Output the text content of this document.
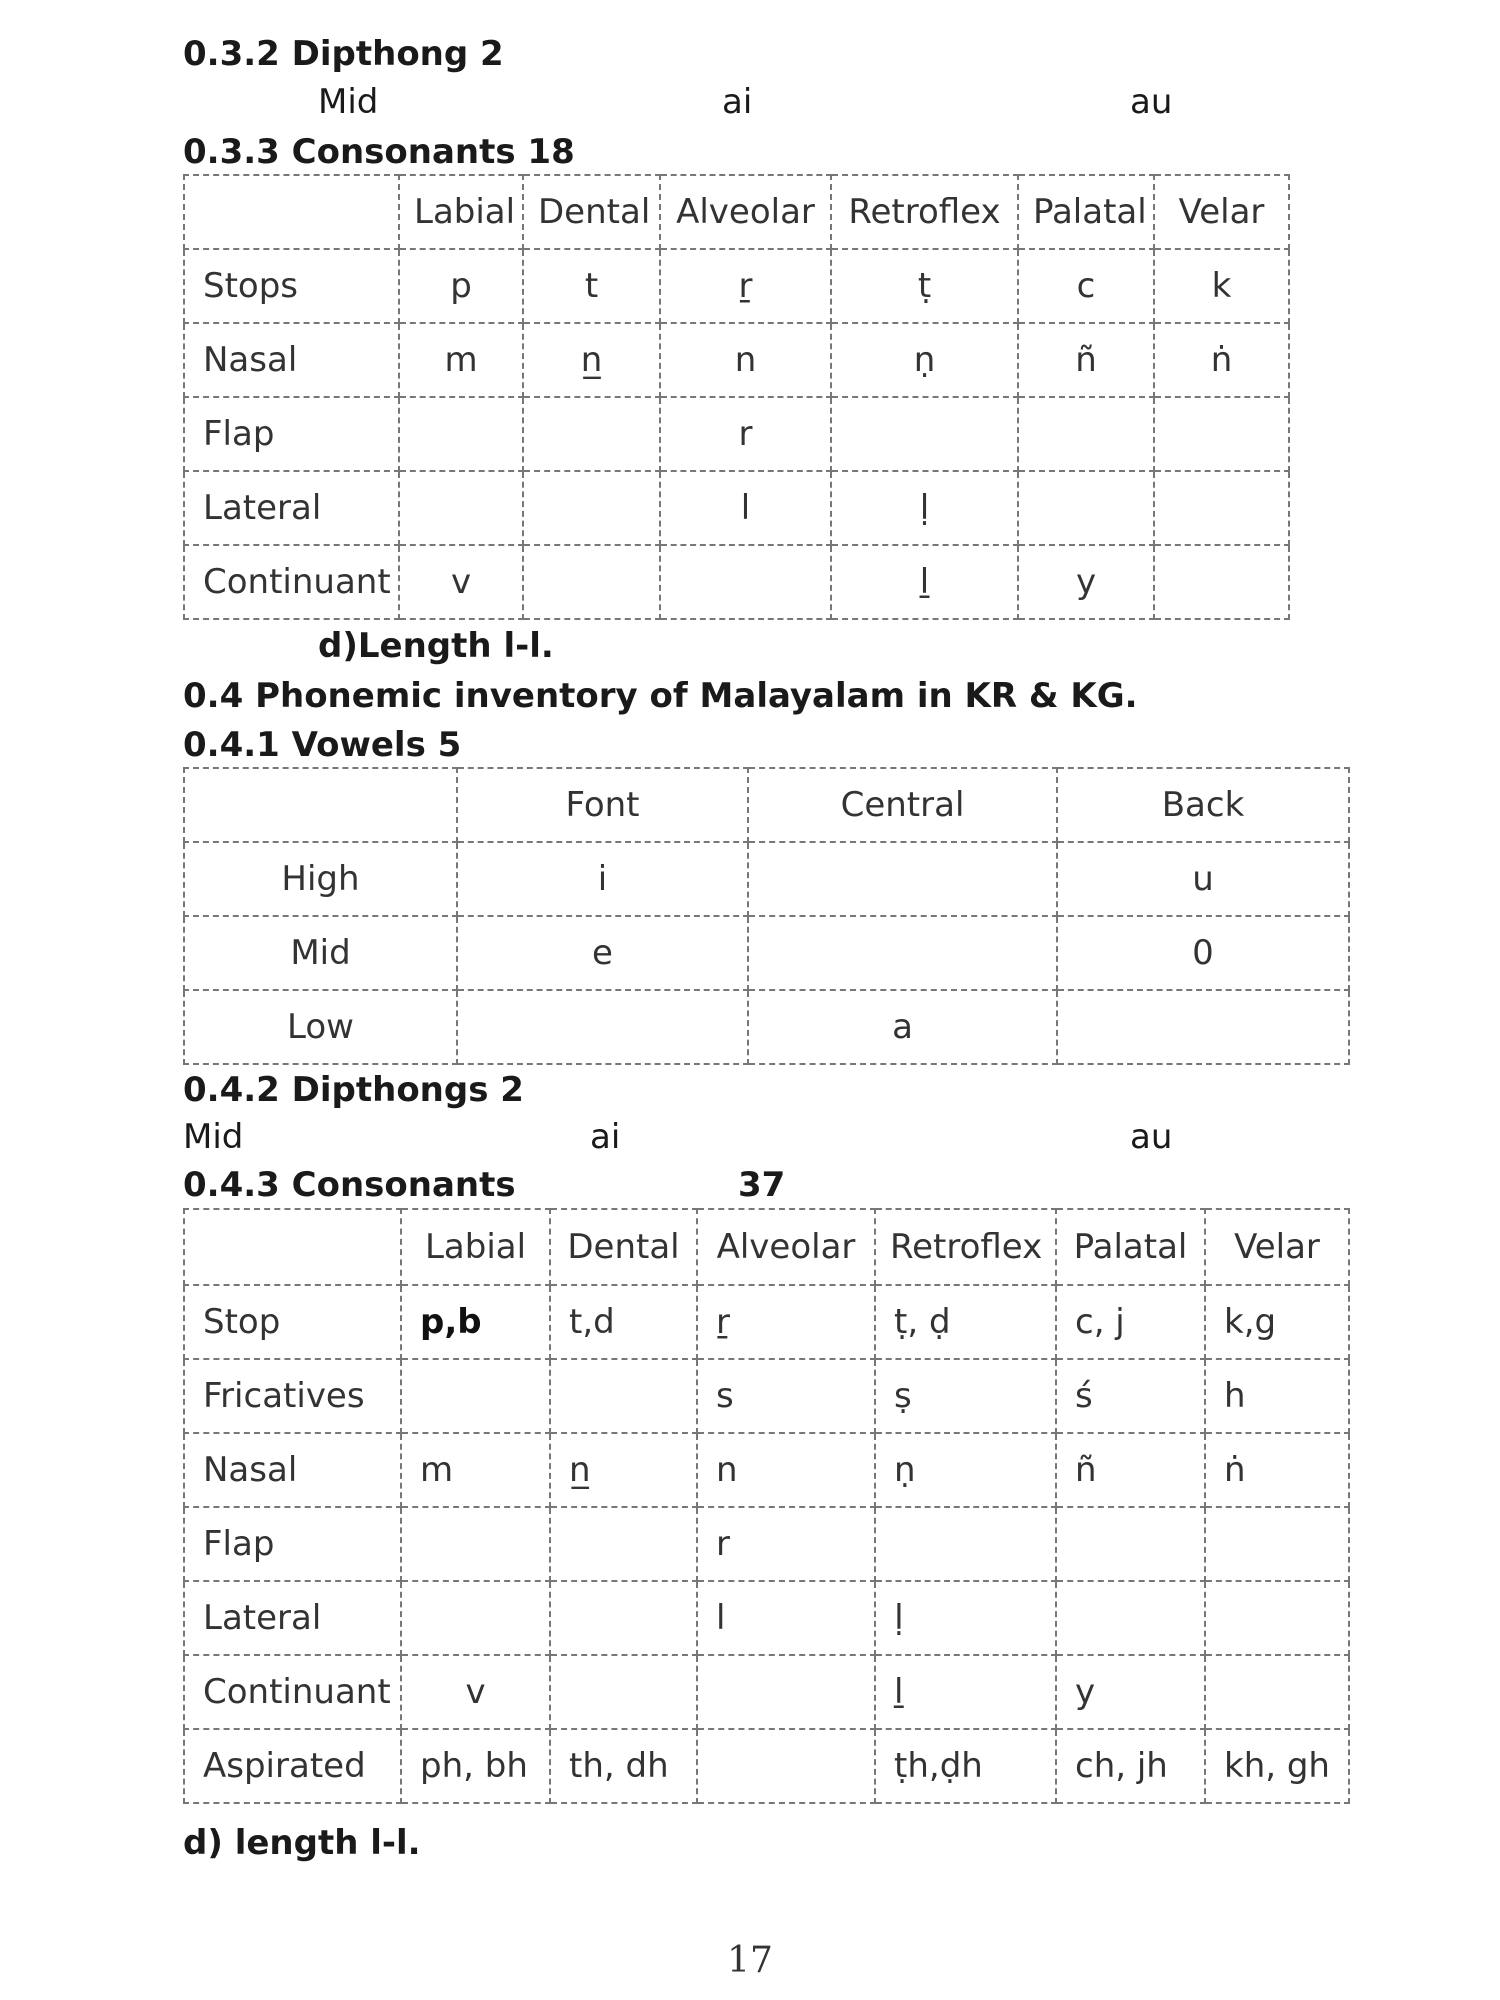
0.3.2 Dipthong 2
Mid	ai	au
0.3.3 Consonants 18
	Labial	Dental	Alveolar	Retroflex	Palatal	Velar
Stops	p	t	ṟ	ṭ	c	k
Nasal	m	n̲	n	ṇ	ñ	ṅ
Flap			r			
Lateral			l	ḷ		
Continuant	v			ḻ	y	
d)Length l-l.
0.4 Phonemic inventory of Malayalam in KR & KG.
0.4.1 Vowels 5
	Font	Central	Back
High	i		u
Mid	e		0
Low		a	
0.4.2 Dipthongs 2
Mid	ai	au
0.4.3 Consonants	37
	Labial	Dental	Alveolar	Retroflex	Palatal	Velar
Stop	p,b	t,d	ṟ	ṭ, ḍ	c, j	k,g
Fricatives			s	ṣ	ś	h
Nasal	m	n̲	n	ṇ	ñ	ṅ
Flap			r			
Lateral			l	ḷ		
Continuant	v			ḻ	y	
Aspirated	ph, bh	th, dh		ṭh,ḍh	ch, jh	kh, gh
d) length l-l.
17
